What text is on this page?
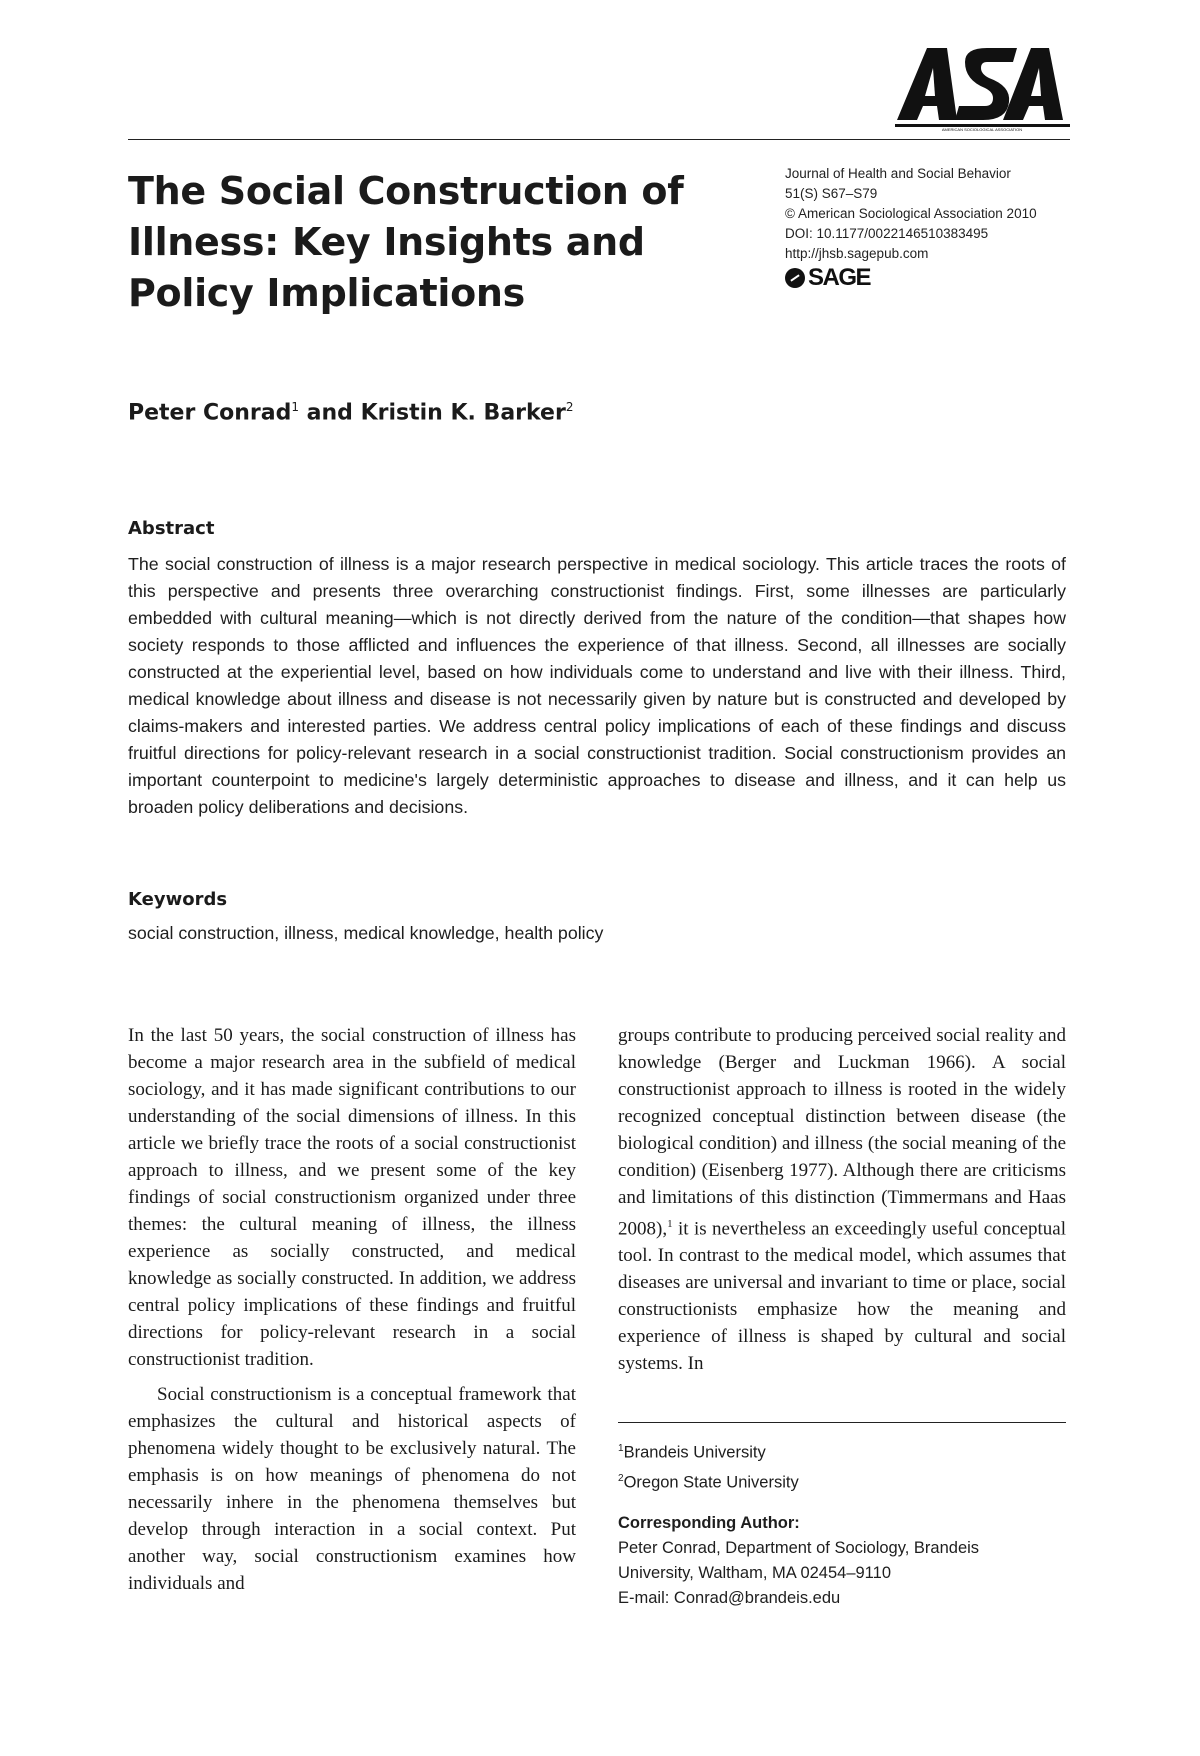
AMERICAN SOCIOLOGICAL ASSOCIATION
The Social Construction of Illness: Key Insights and Policy Implications
Journal of Health and Social Behavior
51(S) S67–S79
© American Sociological Association 2010
DOI: 10.1177/0022146510383495
http://jhsb.sagepub.com
SAGE
Peter Conrad$^1$ and Kristin K. Barker$^2$
Abstract

The social construction of illness is a major research perspective in medical sociology. This article traces the roots of this perspective and presents three overarching constructionist findings. First, some illnesses are particularly embedded with cultural meaning—which is not directly derived from the nature of the condition—that shapes how society responds to those afflicted and influences the experience of that illness. Second, all illnesses are socially constructed at the experiential level, based on how individuals come to understand and live with their illness. Third, medical knowledge about illness and disease is not necessarily given by nature but is constructed and developed by claims-makers and interested parties. We address central policy implications of each of these findings and discuss fruitful directions for policy-relevant research in a social constructionist tradition. Social constructionism provides an important counterpoint to medicine's largely deterministic approaches to disease and illness, and it can help us broaden policy deliberations and decisions.

Keywords
social construction, illness, medical knowledge, health policy

In the last 50 years, the social construction of illness has become a major research area in the subfield of medical sociology, and it has made significant contributions to our understanding of the social dimensions of illness. In this article we briefly trace the roots of a social constructionist approach to illness, and we present some of the key findings of social constructionism organized under three themes: the cultural meaning of illness, the illness experience as socially constructed, and medical knowledge as socially constructed. In addition, we address central policy implications of these findings and fruitful directions for policy-relevant research in a social constructionist tradition.

Social constructionism is a conceptual framework that emphasizes the cultural and historical aspects of phenomena widely thought to be exclusively natural. The emphasis is on how meanings of phenomena do not necessarily inhere in the phenomena themselves but develop through interaction in a social context. Put another way, social constructionism examines how individuals and

groups contribute to producing perceived social reality and knowledge (Berger and Luckman 1966). A social constructionist approach to illness is rooted in the widely recognized conceptual distinction between disease (the biological condition) and illness (the social meaning of the condition) (Eisenberg 1977). Although there are criticisms and limitations of this distinction (Timmermans and Haas 2008),$^1$ it is nevertheless an exceedingly useful conceptual tool. In contrast to the medical model, which assumes that diseases are universal and invariant to time or place, social constructionists emphasize how the meaning and experience of illness is shaped by cultural and social systems. In

$^1$Brandeis University
$^2$Oregon State University
Corresponding Author:
Peter Conrad, Department of Sociology, Brandeis
University, Waltham, MA 02454–9110
E-mail: Conrad@brandeis.edu
